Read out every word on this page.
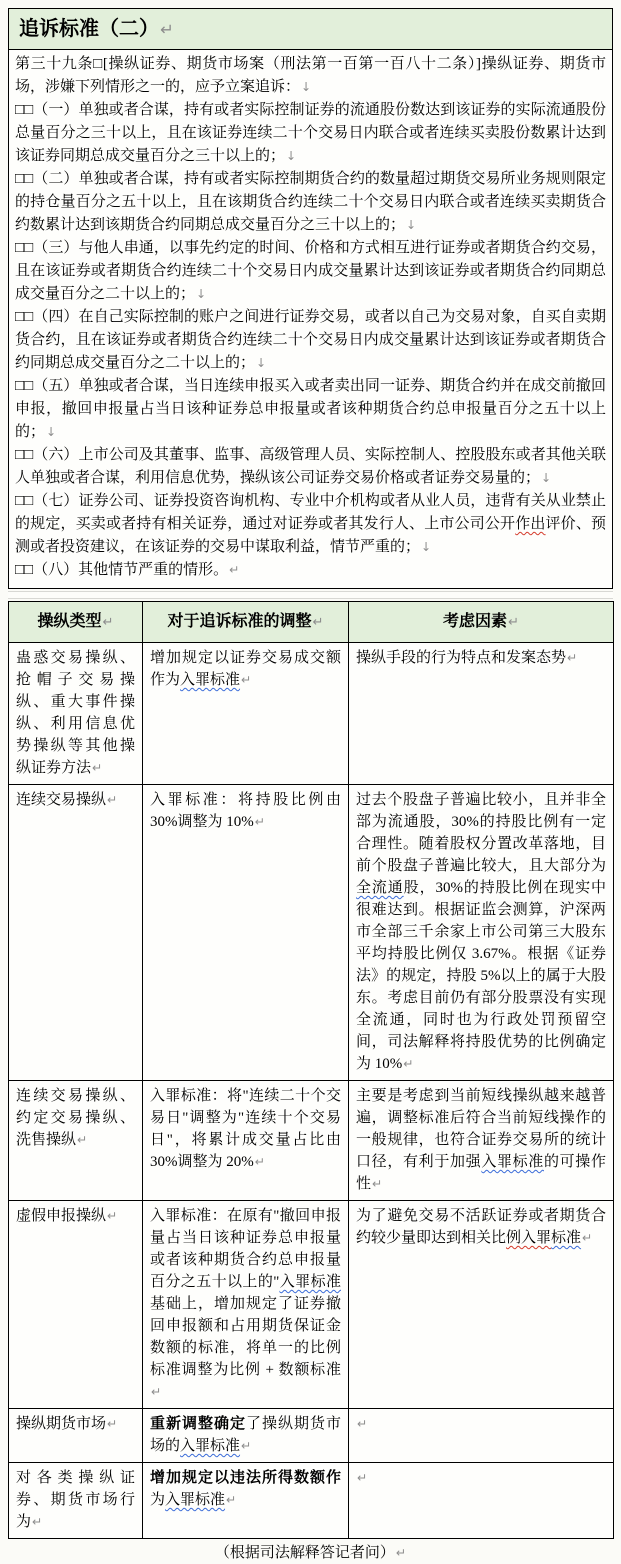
追诉标准（二）↵

第三十九条□[操纵证券、期货市场案（刑法第一百第一百八十二条）]操纵证券、期货市场，涉嫌下列情形之一的，应予立案追诉：↓

□□（一）单独或者合谋，持有或者实际控制证券的流通股份数达到该证券的实际流通股份总量百分之三十以上，且在该证券连续二十个交易日内联合或者连续买卖股份数累计达到该证券同期总成交量百分之三十以上的；↓

□□（二）单独或者合谋，持有或者实际控制期货合约的数量超过期货交易所业务规则限定的持仓量百分之五十以上，且在该期货合约连续二十个交易日内联合或者连续买卖期货合约数累计达到该期货合约同期总成交量百分之三十以上的；↓

□□（三）与他人串通，以事先约定的时间、价格和方式相互进行证券或者期货合约交易，且在该证券或者期货合约连续二十个交易日内成交量累计达到该证券或者期货合约同期总成交量百分之二十以上的；↓

□□（四）在自己实际控制的账户之间进行证券交易，或者以自己为交易对象，自买自卖期货合约，且在该证券或者期货合约连续二十个交易日内成交量累计达到该证券或者期货合约同期总成交量百分之二十以上的；↓

□□（五）单独或者合谋，当日连续申报买入或者卖出同一证券、期货合约并在成交前撤回申报，撤回申报量占当日该种证券总申报量或者该种期货合约总申报量百分之五十以上的；↓

□□（六）上市公司及其董事、监事、高级管理人员、实际控制人、控股股东或者其他关联人单独或者合谋，利用信息优势，操纵该公司证券交易价格或者证券交易量的；↓

□□（七）证券公司、证券投资咨询机构、专业中介机构或者从业人员，违背有关从业禁止的规定，买卖或者持有相关证券，通过对证券或者其发行人、上市公司公开作出评价、预测或者投资建议，在该证券的交易中谋取利益，情节严重的；↓

□□（八）其他情节严重的情形。↵

操纵类型↵	对于追诉标准的调整↵	考虑因素↵
蛊惑交易操纵、抢帽子交易操纵、重大事件操纵、利用信息优势操纵等其他操纵证券方法↵	增加规定以证券交易成交额作为入罪标准↵	操纵手段的行为特点和发案态势↵
连续交易操纵↵	入罪标准：将持股比例由 30%调整为 10%↵	过去个股盘子普遍比较小，且并非全部为流通股，30%的持股比例有一定合理性。随着股权分置改革落地，目前个股盘子普遍比较大，且大部分为全流通股，30%的持股比例在现实中很难达到。根据证监会测算，沪深两市全部三千余家上市公司第三大股东平均持股比例仅 3.67%。根据《证券法》的规定，持股 5%以上的属于大股东。考虑目前仍有部分股票没有实现全流通，同时也为行政处罚预留空间，司法解释将持股优势的比例确定为 10%↵
连续交易操纵、约定交易操纵、洗售操纵↵	入罪标准：将"连续二十个交易日"调整为"连续十个交易日"，将累计成交量占比由30%调整为 20%↵	主要是考虑到当前短线操纵越来越普遍，调整标准后符合当前短线操作的一般规律，也符合证券交易所的统计口径，有利于加强入罪标准的可操作性↵
虚假申报操纵↵	入罪标准：在原有"撤回申报量占当日该种证券总申报量或者该种期货合约总申报量百分之五十以上的"入罪标准基础上，增加规定了证券撤回申报额和占用期货保证金数额的标准，将单一的比例标准调整为比例 + 数额标准↵	为了避免交易不活跃证券或者期货合约较少量即达到相关比例入罪标准↵
操纵期货市场↵	重新调整确定了操纵期货市场的入罪标准↵	↵
对各类操纵证券、期货市场行为↵	增加规定以违法所得数额作为入罪标准↵	↵
（根据司法解释答记者问）↵
